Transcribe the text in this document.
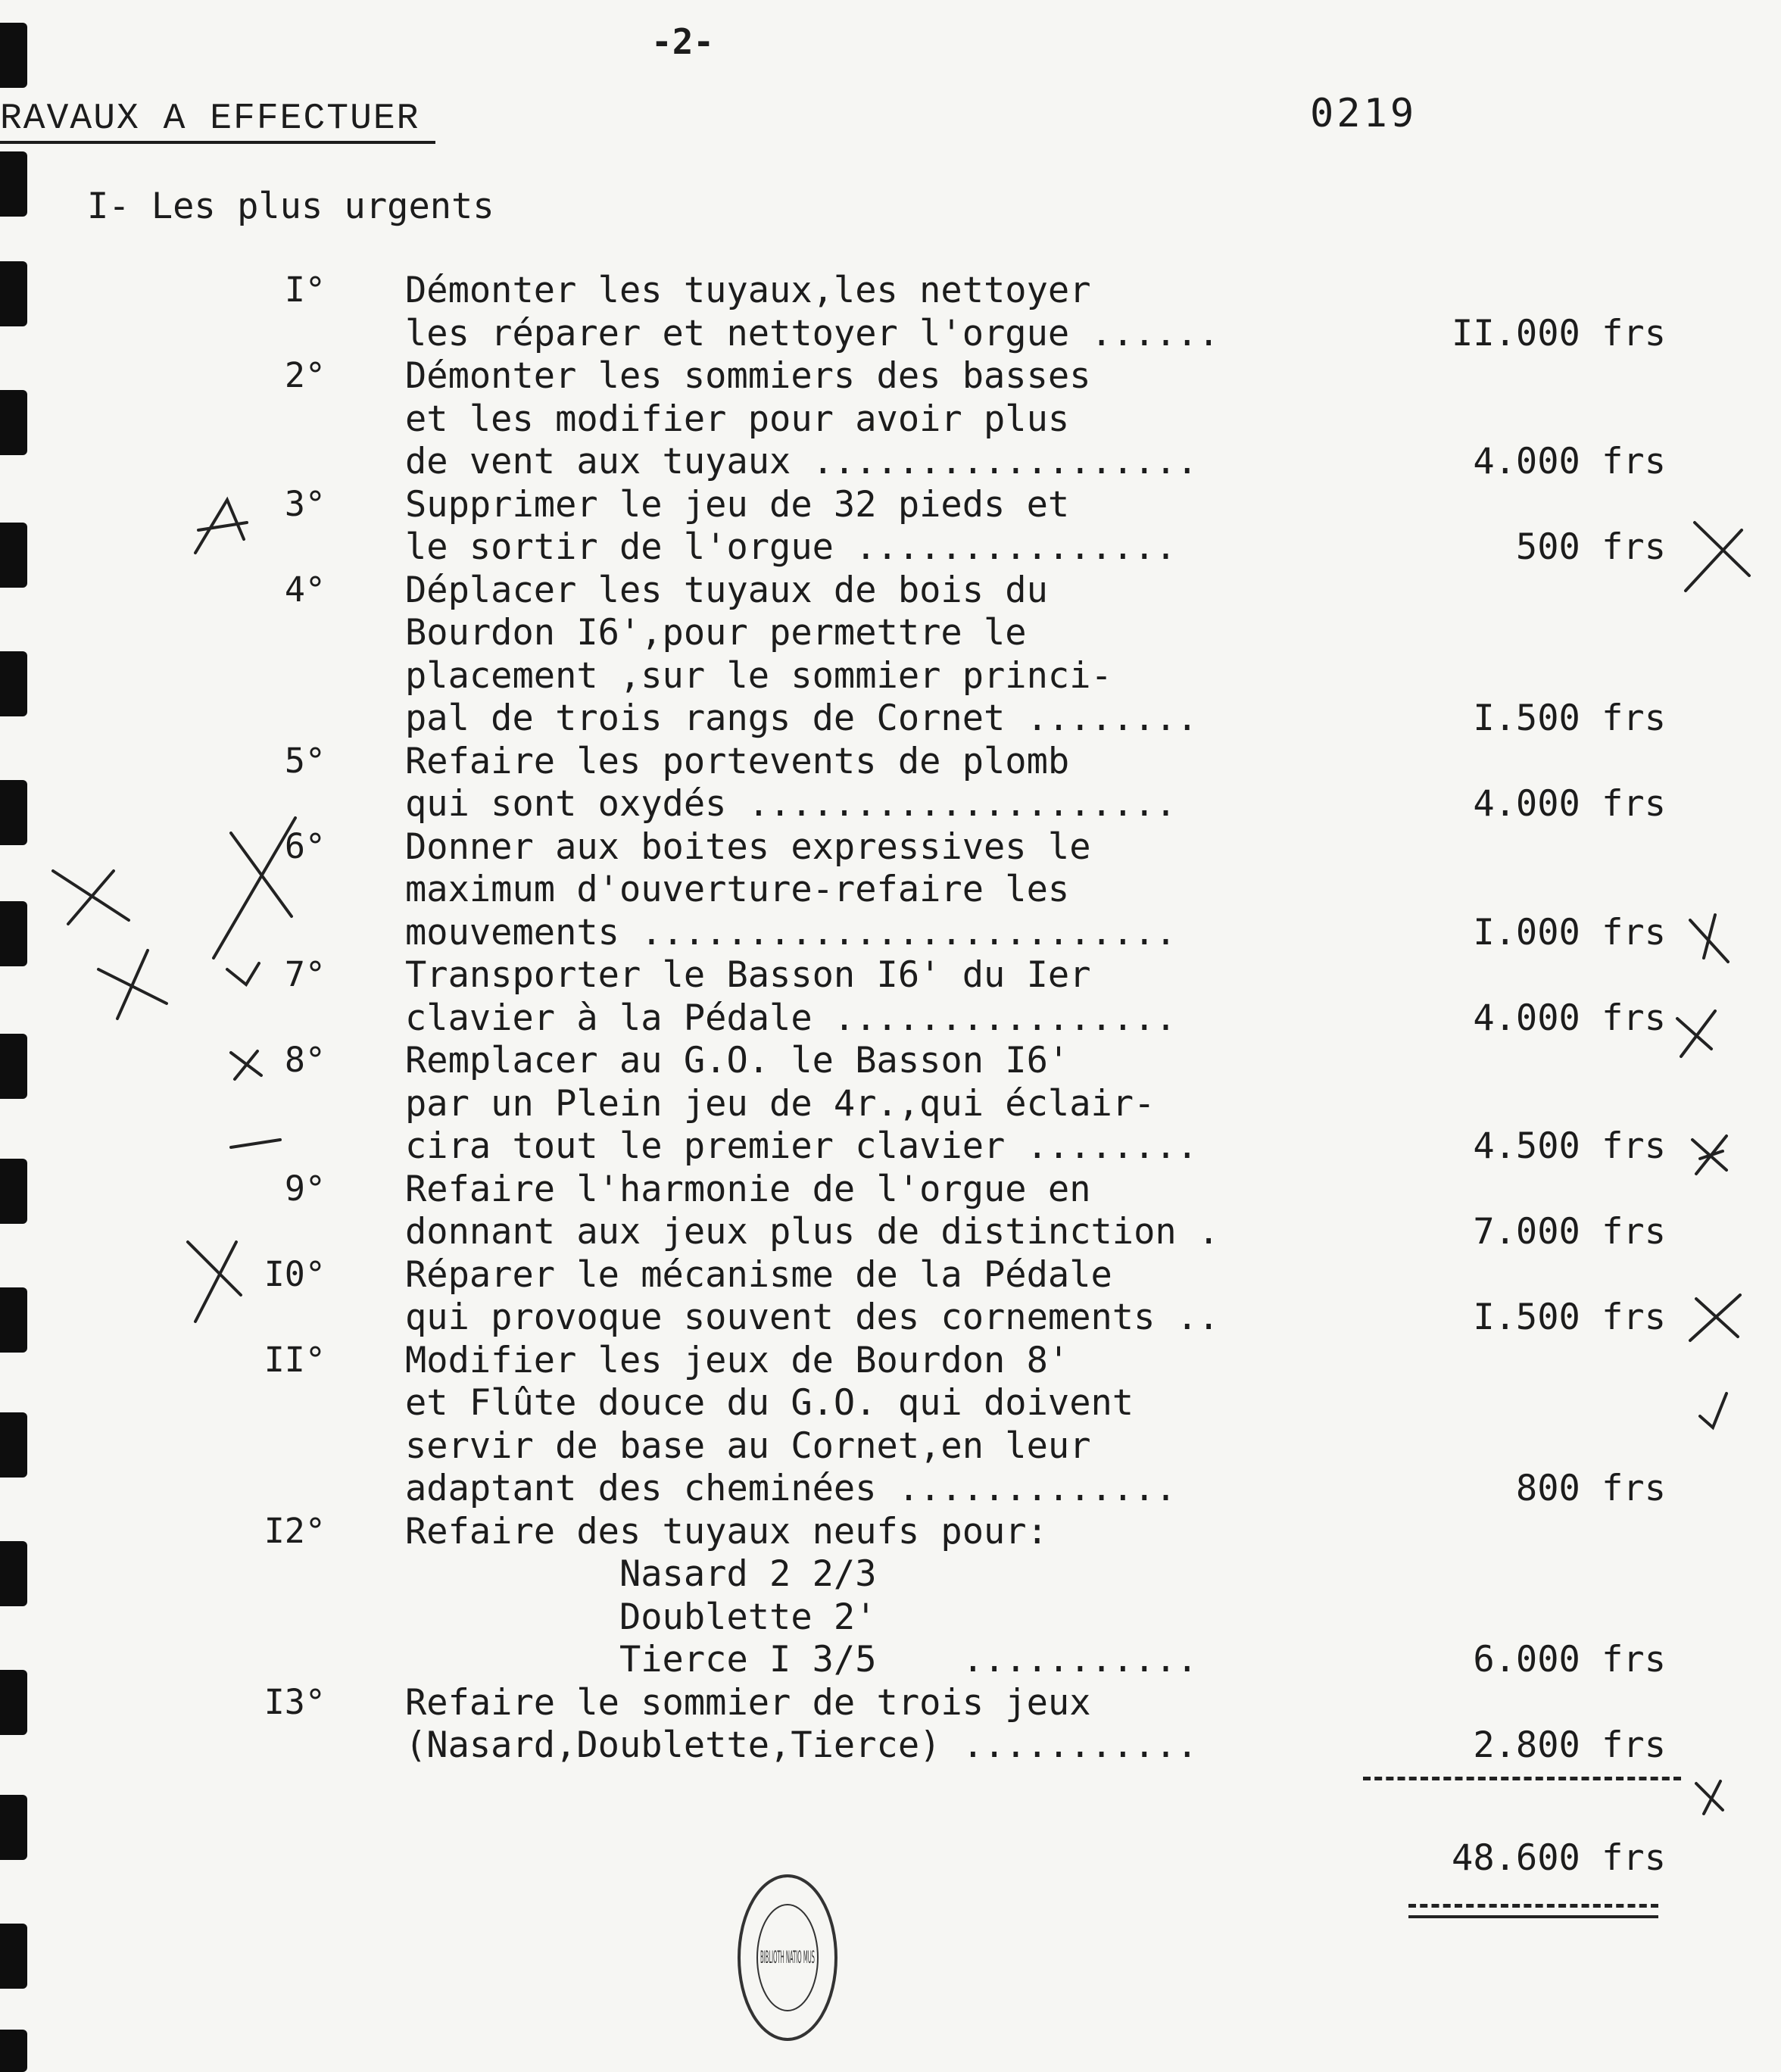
-2-
RAVAUX A EFFECTUER	0219
I- Les plus urgents
I° Démonter les tuyaux,les nettoyer
les réparer et nettoyer l'orgue ......	II.000 frs
2° Démonter les sommiers des basses
et les modifier pour avoir plus
de vent aux tuyaux ..................	4.000 frs
3° Supprimer le jeu de 32 pieds et
le sortir de l'orgue ...............	500 frs
4° Déplacer les tuyaux de bois du
Bourdon I6',pour permettre le
placement ,sur le sommier princi-
pal de trois rangs de Cornet ........	I.500 frs
5° Refaire les portevents de plomb
qui sont oxydés ....................	4.000 frs
6° Donner aux boites expressives le
maximum d'ouverture-refaire les
mouvements .........................	I.000 frs
7° Transporter le Basson I6' du Ier
clavier à la Pédale ................	4.000 frs
8° Remplacer au G.O. le Basson I6'
par un Plein jeu de 4r.,qui éclair-
cira tout le premier clavier ........	4.500 frs
9° Refaire l'harmonie de l'orgue en
donnant aux jeux plus de distinction .	7.000 frs
I0° Réparer le mécanisme de la Pédale
qui provoque souvent des cornements ..	I.500 frs
II° Modifier les jeux de Bourdon 8'
et Flûte douce du G.O. qui doivent
servir de base au Cornet,en leur
adaptant des cheminées .............	800 frs
I2° Refaire des tuyaux neufs pour:
Nasard 2 2/3
Doublette 2'
Tierce I 3/5    ...........	6.000 frs
I3° Refaire le sommier de trois jeux
(Nasard,Doublette,Tierce) ...........	2.800 frs
48.600 frs
BIBLIOTH NATIO MUS
